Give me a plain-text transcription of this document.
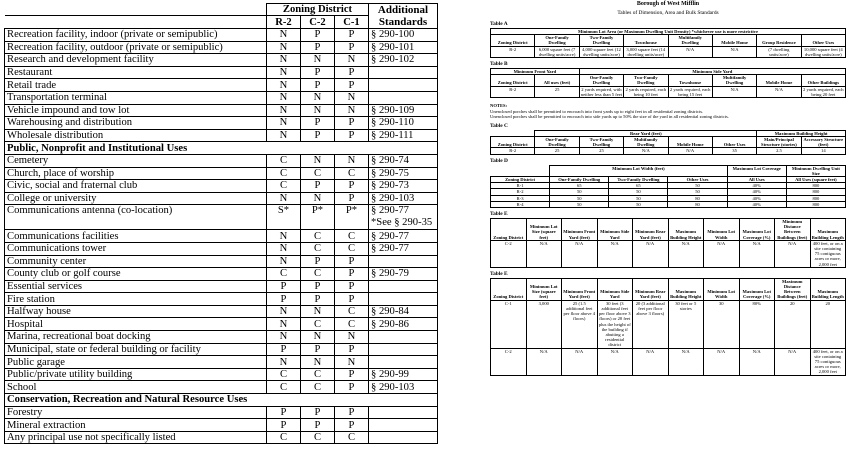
	Zoning District			Additional Standards

	R-2	C-2	C-1	
Recreation facility, indoor (private or semipublic)	N	P	P	§ 290-100
Recreation facility, outdoor (private or semipublic)	N	P	P	§ 290-101
Research and development facility	N	N	N	§ 290-102
Restaurant	N	P	P	
Retail trade	N	P	P	
Transportation terminal	N	N	N	
Vehicle impound and tow lot	N	N	N	§ 290-109
Warehousing and distribution	N	P	P	§ 290-110
Wholesale distribution	N	P	P	§ 290-111
Public, Nonprofit and Institutional Uses				
Cemetery	C	N	N	§ 290-74
Church, place of worship	C	C	C	§ 290-75
Civic, social and fraternal club	C	P	P	§ 290-73
College or university	N	N	P	§ 290-103
Communications antenna (co-location)	S*	P*	P*	§ 290-77
*See § 290-35

Communications facilities	N	C	C	§ 290-77
Communications tower	N	C	C	§ 290-77
Community center	N	P	P	
County club or golf course	C	C	P	§ 290-79
Essential services	P	P	P	
Fire station	P	P	P	
Halfway house	N	N	C	§ 290-84
Hospital	N	C	C	§ 290-86
Marina, recreational boat docking	N	N	N	
Municipal, state or federal building or facility	P	P	P	
Public garage	N	N	N	
Public/private utility building	C	C	P	§ 290-99
School	C	C	P	§ 290-103
Conservation, Recreation and Natural Resource Uses				
Forestry	P	P	P	
Mineral extraction	P	P	P	
Any principal use not specifically listed	C	C	C	
Borough of West Mifflin
Tables of Dimension, Area and Bulk Standards
Table A
Minimum Lot Area (or Maximum Dwelling Unit Density) *whichever use is more restrictive							
Zoning District	One-Family Dwelling	Two-Family Dwelling	Townhouse	Multifamily Dwelling	Mobile Home	Group Residence	Other Uses
R-2	6,000 square feet (7 dwelling units/acre)	4,000 square feet (12 dwelling units/acre)	3,000 square feet (14 dwelling units/acre)	N/A	N/A	(7 dwelling units/acre)	10,000 square feet (4 dwelling units/acre)
Table B
Minimum Front Yard		Minimum Side Yard					
Zoning District	All uses (feet)	One-Family Dwelling	Two-Family Dwelling	Townhouse	Multifamily Dwelling	Mobile Home	Other Buildings
R-2	25	2 yards required, with neither less than 5 feet	2 yards required, each being 10 feet	2 yards required, each being 15 feet	N/A	N/A	2 yards required, each being 20 feet
NOTES:
Unenclosed porches shall be permitted to encroach into front yards up to eight feet in all residential zoning districts.
Unenclosed porches shall be permitted to encroach into side yards up to 50% the size of the yard in all residential zoning districts.
Table C
	Rear Yard (feet)					Maximum Building Height	
Zoning District	One-Family Dwelling	Two-Family Dwelling	Multifamily Dwelling	Mobile Home	Other Uses	Main/Principal Structure (stories)	Accessory Structure (feet)
R-2	25	25	N/A	N/A	35	2.5	14
Table D
	Minimum Lot Width (feet)			Maximum Lot Coverage	Minimum Dwelling Unit Size
Zoning District	One-Family Dwelling	Two-Family Dwelling	Other Uses	All Uses	All Uses (square feet)
R-1	65	65	50	40%	800
R-2	50	50	50	40%	800
R-3	50	50	80	40%	800
R-4	50	50	80	40%	800
Table E
Zoning District	Minimum Lot Size (square feet)	Minimum Front Yard (feet)	Minimum Side Yard	Minimum Rear Yard (feet)	Maximum Building Height	Minimum Lot Width	Maximum Lot Coverage (%)	Minimum Distance Between Buildings (feet)	Maximum Building Length
C-2	N/A	N/A	N/A	N/A	N/A	N/A	N/A	N/A	400 feet, or on a site containing 75 contiguous acres or more, 2,000 feet
Table E
Zoning District	Minimum Lot Size (square feet)	Minimum Front Yard (feet)	Minimum Side Yard	Minimum Rear Yard (feet)	Maximum Building Height	Minimum Lot Width	Maximum Lot Coverage (%)	Maximum Distance Between Buildings (feet)	Maximum Building Length
C-1	3,000	25 (1.5 additional feet per floor above 4 floors)	30 feet (3 additional feet per floor above 3 floors) or 20 feet plus the height of the building if abutting a residential district	20 (3 additional feet per floor above 3 floors)	30 feet or 5 stories	30	80%	20	20
C-2	N/A	N/A	N/A	N/A	N/A	N/A	N/A	N/A	400 feet, or on a site containing 75 contiguous acres or more, 2,000 feet
